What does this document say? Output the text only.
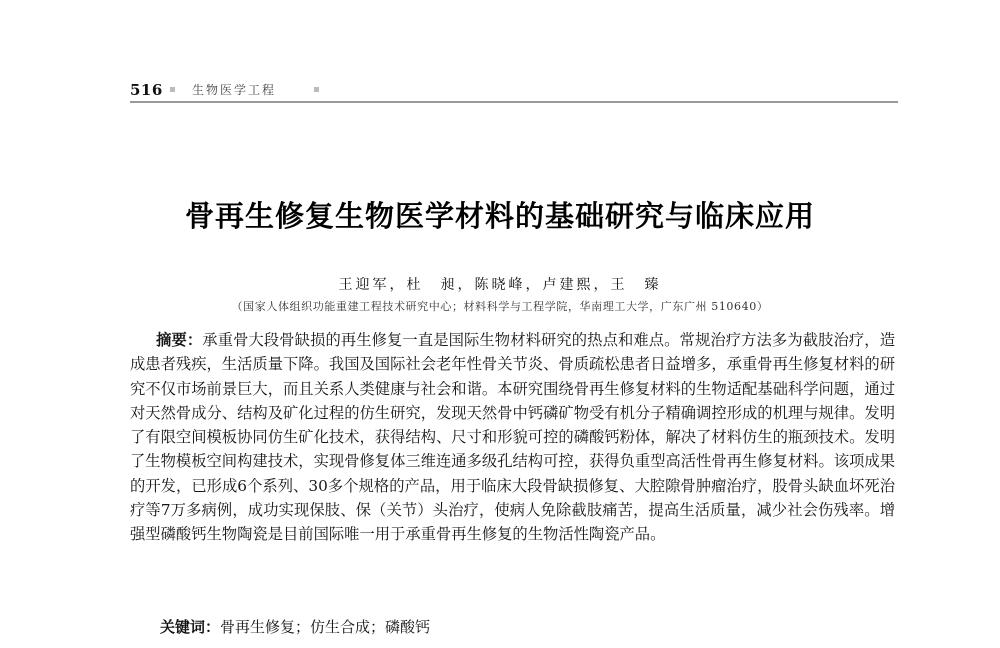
516 生物医学工程
骨再生修复生物医学材料的基础研究与临床应用
王迎军，杜　昶，陈晓峰，卢建熙，王　臻
（国家人体组织功能重建工程技术研究中心；材料科学与工程学院，华南理工大学，广东广州 510640）
摘要：承重骨大段骨缺损的再生修复一直是国际生物材料研究的热点和难点。常规治疗方法多为截肢治疗，造成患者残疾，生活质量下降。我国及国际社会老年性骨关节炎、骨质疏松患者日益增多，承重骨再生修复材料的研究不仅市场前景巨大，而且关系人类健康与社会和谐。本研究围绕骨再生修复材料的生物适配基础科学问题，通过对天然骨成分、结构及矿化过程的仿生研究，发现天然骨中钙磷矿物受有机分子精确调控形成的机理与规律。发明了有限空间模板协同仿生矿化技术，获得结构、尺寸和形貌可控的磷酸钙粉体，解决了材料仿生的瓶颈技术。发明了生物模板空间构建技术，实现骨修复体三维连通多级孔结构可控，获得负重型高活性骨再生修复材料。该项成果的开发，已形成6个系列、30多个规格的产品，用于临床大段骨缺损修复、大腔隙骨肿瘤治疗，股骨头缺血坏死治疗等7万多病例，成功实现保肢、保（关节）头治疗，使病人免除截肢痛苦，提高生活质量，减少社会伤残率。增强型磷酸钙生物陶瓷是目前国际唯一用于承重骨再生修复的生物活性陶瓷产品。
关键词：骨再生修复；仿生合成；磷酸钙
